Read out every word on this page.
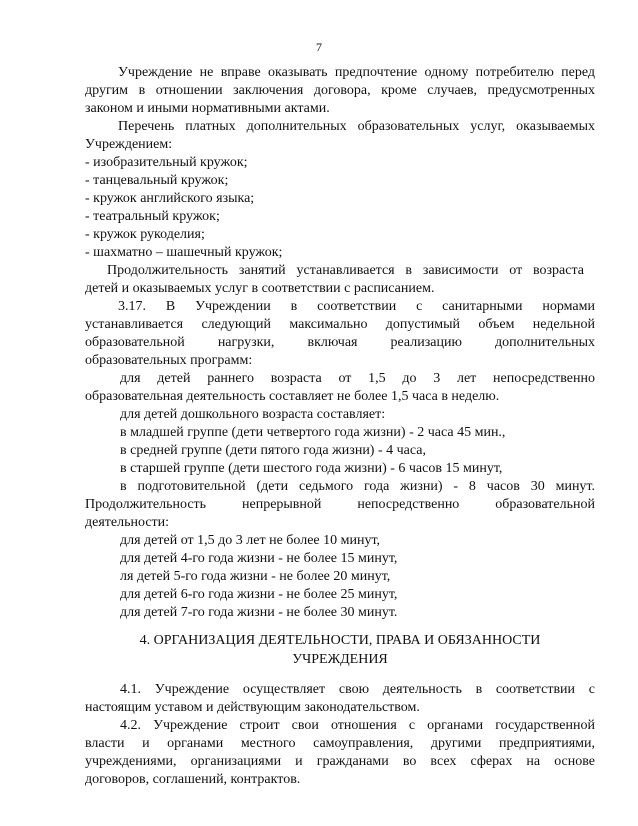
7
Учреждение не вправе оказывать предпочтение одному потребителю перед
другим в отношении заключения договора, кроме случаев, предусмотренных
законом и иными нормативными актами.
Перечень платных дополнительных образовательных услуг, оказываемых
Учреждением:
- изобразительный кружок;
- танцевальный кружок;
- кружок английского языка;
- театральный кружок;
- кружок рукоделия;
- шахматно – шашечный кружок;
Продолжительность занятий устанавливается в зависимости от возраста
детей и оказываемых услуг в соответствии с расписанием.
3.17. В Учреждении в соответствии с санитарными нормами
устанавливается следующий максимально допустимый объем недельной
образовательной нагрузки, включая реализацию дополнительных
образовательных программ:
для детей раннего возраста от 1,5 до 3 лет непосредственно
образовательная деятельность составляет не более 1,5 часа в неделю.
для детей дошкольного возраста составляет:
в младшей группе (дети четвертого года жизни) - 2 часа 45 мин.,
в средней группе (дети пятого года жизни) - 4 часа,
в старшей группе (дети шестого года жизни) - 6 часов 15 минут,
в подготовительной (дети седьмого года жизни) - 8 часов 30 минут.
Продолжительность непрерывной непосредственно образовательной
деятельности:
для детей от 1,5 до 3 лет не более 10 минут,
для детей 4-го года жизни - не более 15 минут,
ля детей 5-го года жизни - не более 20 минут,
для детей 6-го года жизни - не более 25 минут,
для детей 7-го года жизни - не более 30 минут.
4. ОРГАНИЗАЦИЯ ДЕЯТЕЛЬНОСТИ, ПРАВА И ОБЯЗАННОСТИ
УЧРЕЖДЕНИЯ
4.1. Учреждение осуществляет свою деятельность в соответствии с
настоящим уставом и действующим законодательством.
4.2. Учреждение строит свои отношения с органами государственной
власти и органами местного самоуправления, другими предприятиями,
учреждениями, организациями и гражданами во всех сферах на основе
договоров, соглашений, контрактов.
